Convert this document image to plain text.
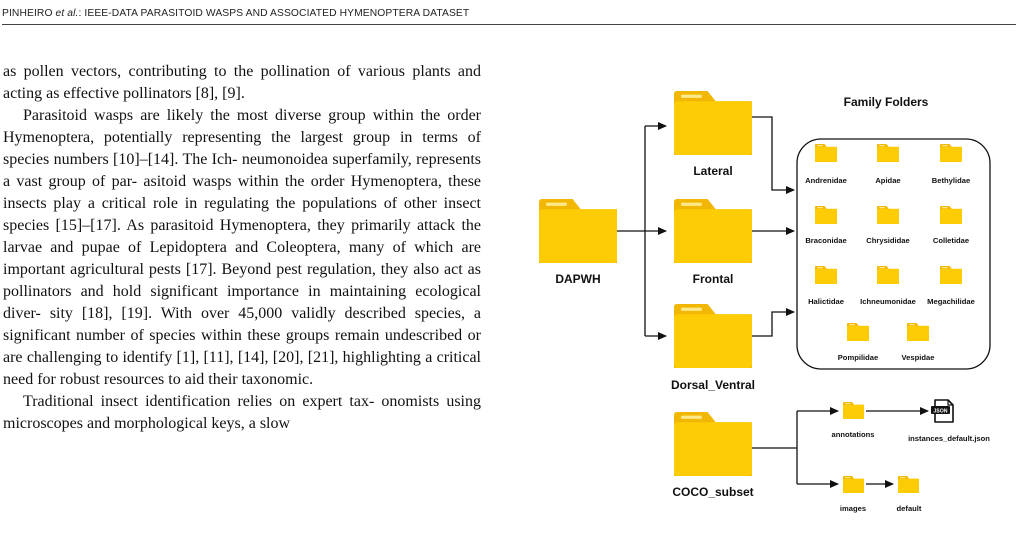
PINHEIRO et al.: IEEE-DATA PARASITOID WASPS AND ASSOCIATED HYMENOPTERA DATASET

as pollen vectors, contributing to the pollination of various plants and acting as effective pollinators [8], [9].

Parasitoid wasps are likely the most diverse group within the order Hymenoptera, potentially representing the largest group in terms of species numbers [10]–[14]. The Ich- neumonoidea superfamily, represents a vast group of par- asitoid wasps within the order Hymenoptera, these insects play a critical role in regulating the populations of other insect species [15]–[17]. As parasitoid Hymenoptera, they primarily attack the larvae and pupae of Lepidoptera and Coleoptera, many of which are important agricultural pests [17]. Beyond pest regulation, they also act as pollinators and hold significant importance in maintaining ecological diver- sity [18], [19]. With over 45,000 validly described species, a significant number of species within these groups remain undescribed or are challenging to identify [1], [11], [14], [20], [21], highlighting a critical need for robust resources to aid their taxonomic.

Traditional insect identification relies on expert tax- onomists using microscopes and morphological keys, a slow

Family Folders
DAPWH
Lateral
Frontal
Dorsal_Ventral
COCO_subset
Andrenidae	Apidae	Bethylidae
Braconidae	Chrysididae	Colletidae
Halictidae Ichneumonidae Megachilidae
Pompilidae	Vespidae
annotations
images
instances_default.json
default
JSON
